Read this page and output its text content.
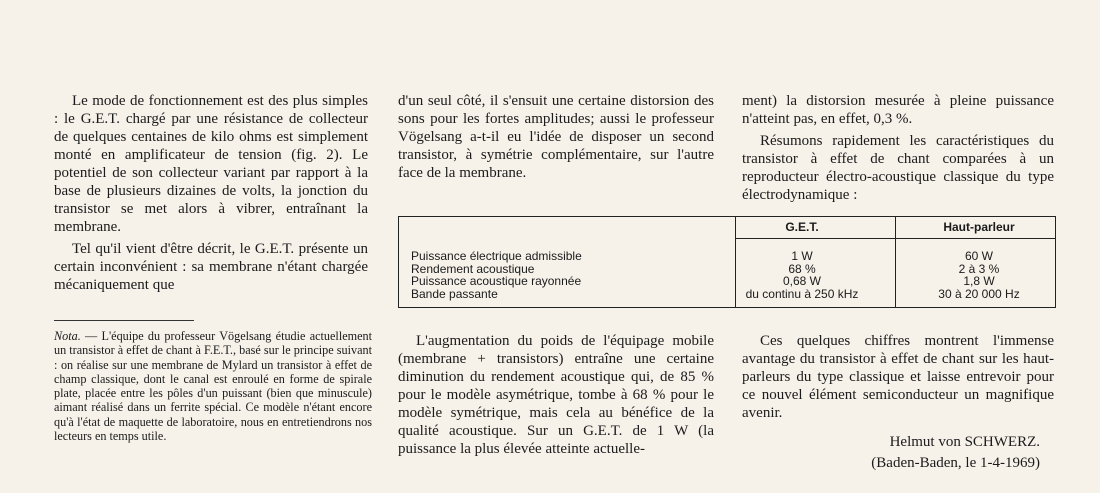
Le mode de fonctionnement est des plus simples : le G.E.T. chargé par une résistance de collecteur de quelques centaines de kilo ohms est simplement monté en amplificateur de tension (fig. 2). Le potentiel de son collecteur variant par rapport à la base de plusieurs dizaines de volts, la jonction du transistor se met alors à vibrer, entraînant la membrane.

Tel qu'il vient d'être décrit, le G.E.T. présente un certain inconvénient : sa membrane n'étant chargée mécaniquement que

d'un seul côté, il s'ensuit une certaine distorsion des sons pour les fortes amplitudes; aussi le professeur Vögelsang a-t-il eu l'idée de disposer un second transistor, à symétrie complémentaire, sur l'autre face de la membrane.

ment) la distorsion mesurée à pleine puissance n'atteint pas, en effet, 0,3 %.

Résumons rapidement les caractéristiques du transistor à effet de chant comparées à un reproducteur électro-acoustique classique du type électrodynamique :

G.E.T.	Haut-parleur
Puissance électrique admissible
Rendement acoustique
Puissance acoustique rayonnée
Bande passante
1 W
68 %
0,68 W
du continu à 250 kHz
60 W
2 à 3 %
1,8 W
30 à 20 000 Hz

Nota. — L'équipe du professeur Vögelsang étudie actuellement un transistor à effet de chant à F.E.T., basé sur le principe suivant : on réalise sur une membrane de Mylard un transistor à effet de champ classique, dont le canal est enroulé en forme de spirale plate, placée entre les pôles d'un puissant (bien que minuscule) aimant réalisé dans un ferrite spécial. Ce modèle n'étant encore qu'à l'état de maquette de laboratoire, nous en entretiendrons nos lecteurs en temps utile.

L'augmentation du poids de l'équipage mobile (membrane + transistors) entraîne une certaine diminution du rendement acoustique qui, de 85 % pour le modèle asymétrique, tombe à 68 % pour le modèle symétrique, mais cela au bénéfice de la qualité acoustique. Sur un G.E.T. de 1 W (la puissance la plus élevée atteinte actuelle-

Ces quelques chiffres montrent l'immense avantage du transistor à effet de chant sur les haut-parleurs du type classique et laisse entrevoir pour ce nouvel élément semiconducteur un magnifique avenir.

Helmut von SCHWERZ.
(Baden-Baden, le 1-4-1969)
